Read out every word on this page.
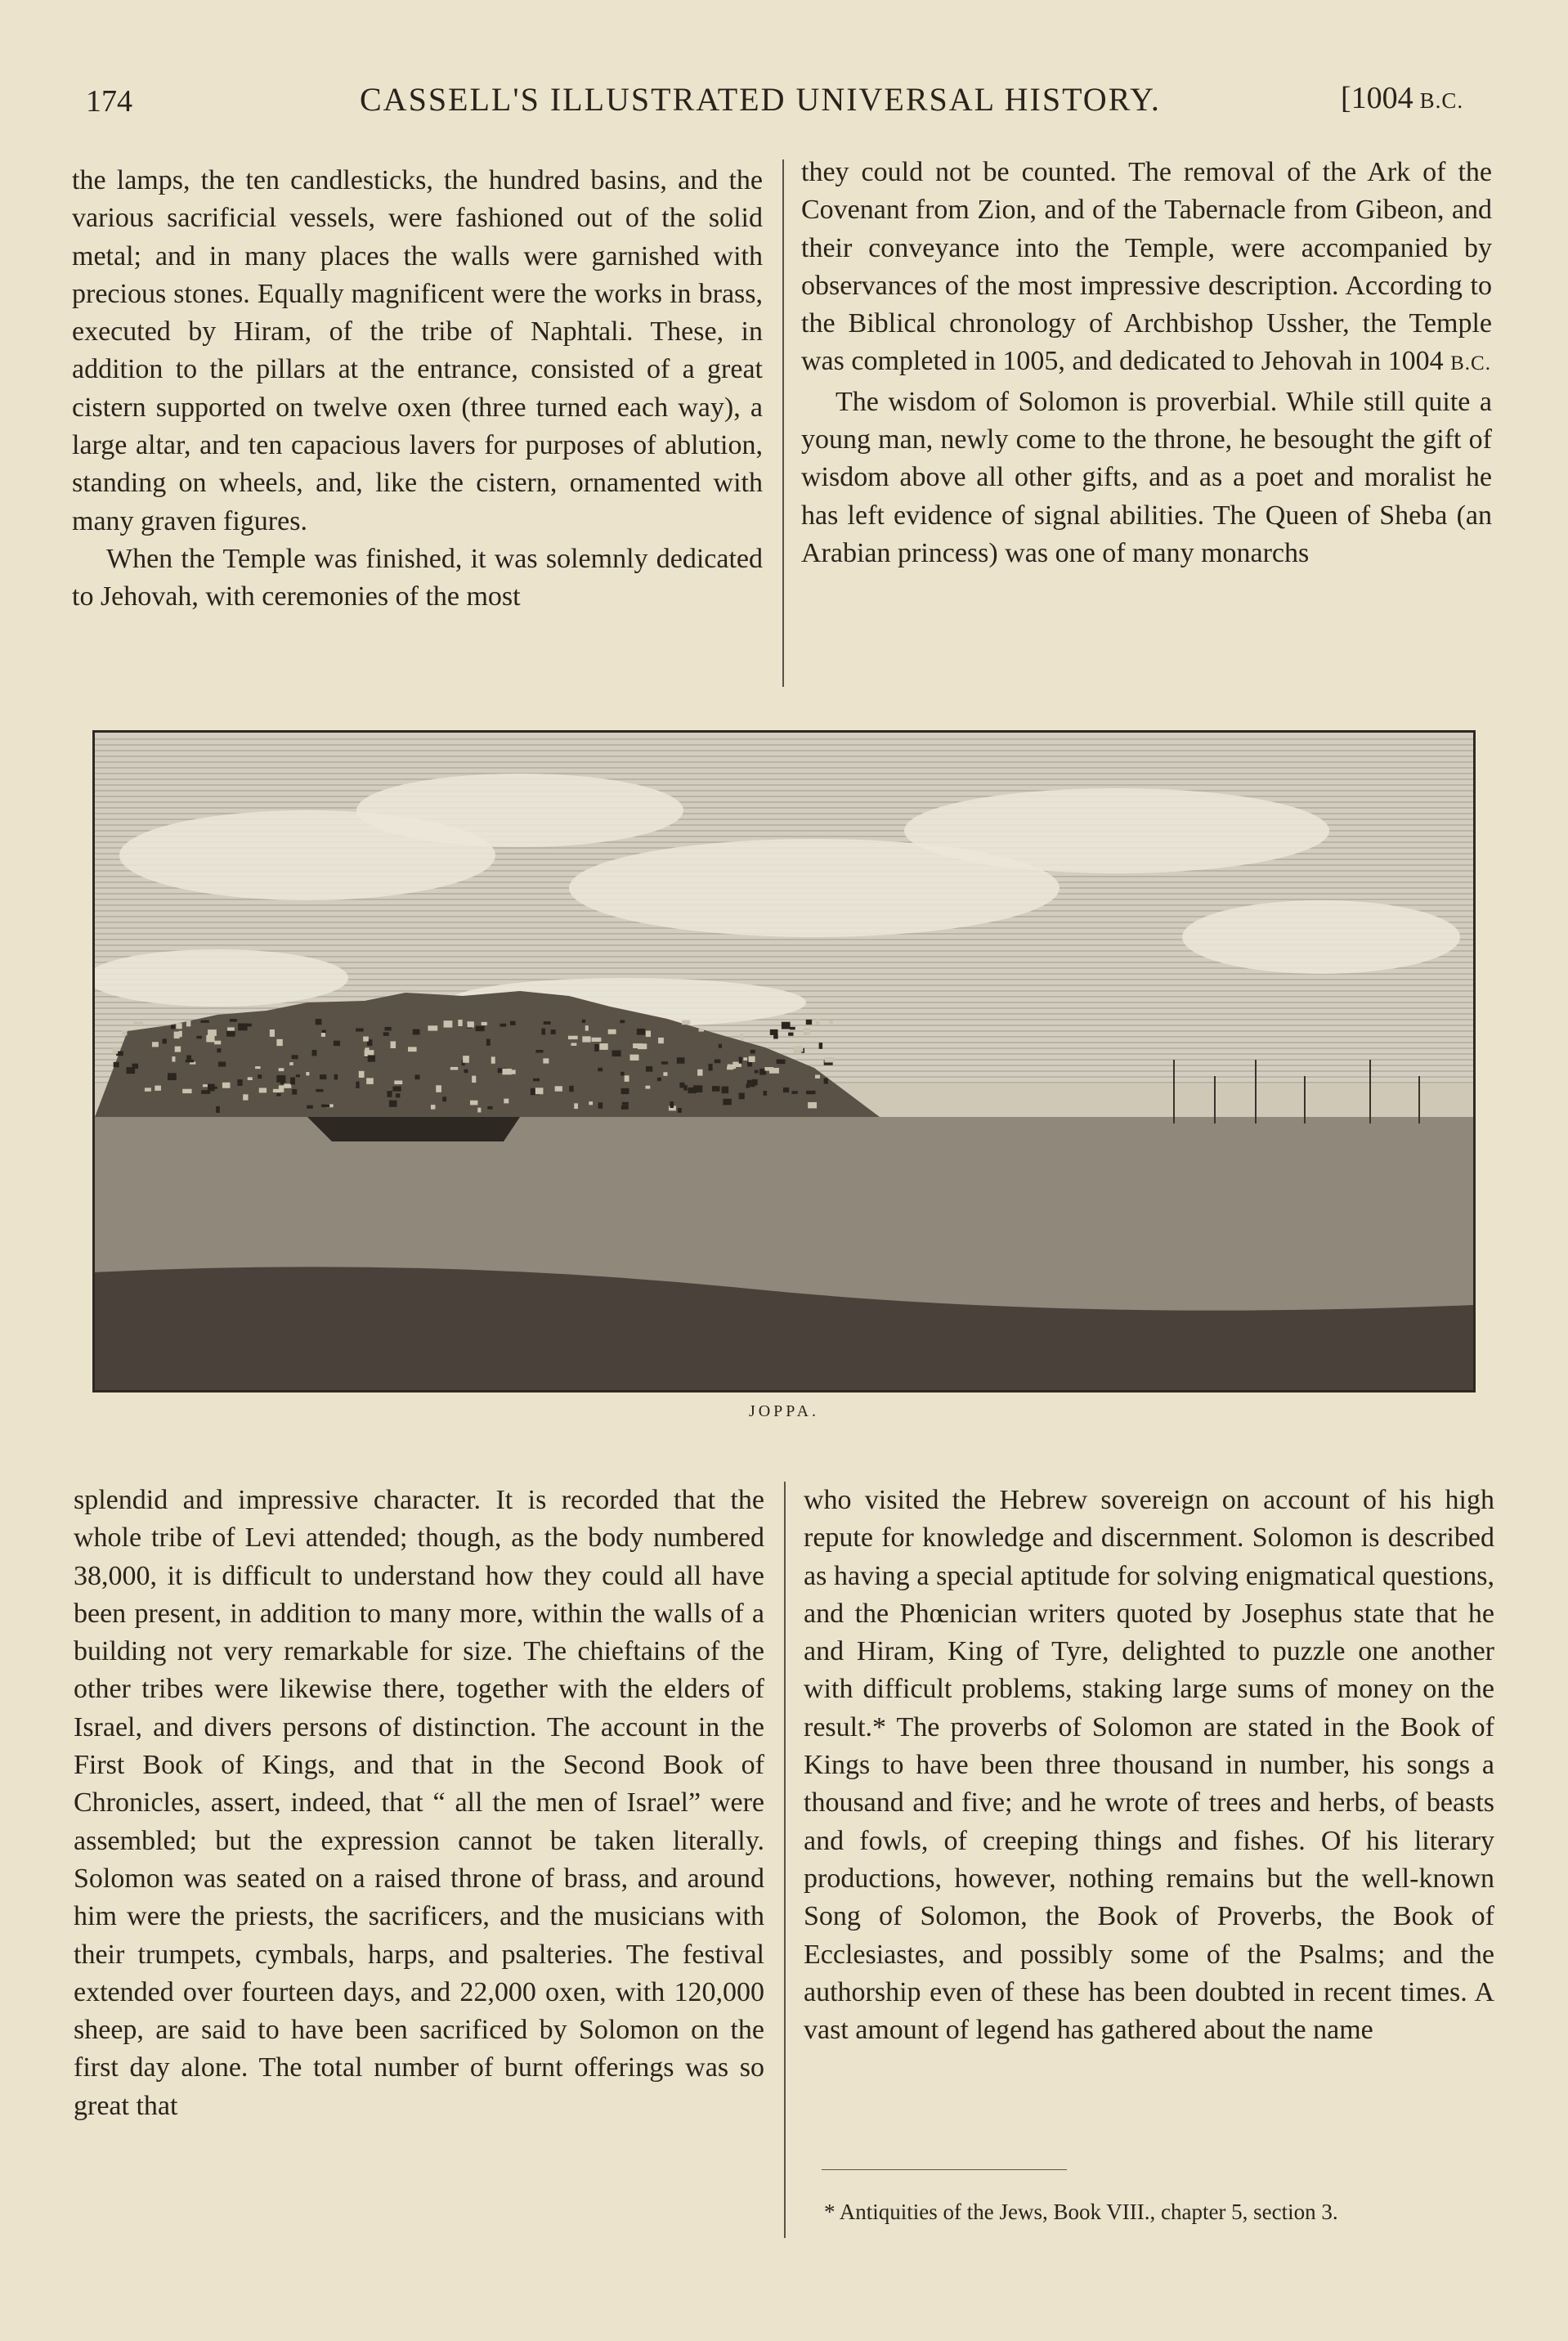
174	CASSELL'S ILLUSTRATED UNIVERSAL HISTORY.	[1004 B.C.

the lamps, the ten candlesticks, the hundred basins, and the various sacrificial vessels, were fashioned out of the solid metal; and in many places the walls were garnished with precious stones. Equally magnificent were the works in brass, executed by Hiram, of the tribe of Naphtali. These, in addition to the pillars at the entrance, consisted of a great cistern supported on twelve oxen (three turned each way), a large altar, and ten capacious lavers for purposes of ablution, standing on wheels, and, like the cistern, ornamented with many graven figures.

When the Temple was finished, it was solemnly dedicated to Jehovah, with ceremonies of the most

they could not be counted. The removal of the Ark of the Covenant from Zion, and of the Tabernacle from Gibeon, and their conveyance into the Temple, were accompanied by observances of the most impressive description. According to the Biblical chronology of Archbishop Ussher, the Temple was completed in 1005, and dedicated to Jehovah in 1004 B.C.

The wisdom of Solomon is proverbial. While still quite a young man, newly come to the throne, he besought the gift of wisdom above all other gifts, and as a poet and moralist he has left evidence of signal abilities. The Queen of Sheba (an Arabian princess) was one of many monarchs

JOPPA.

splendid and impressive character. It is recorded that the whole tribe of Levi attended; though, as the body numbered 38,000, it is difficult to understand how they could all have been present, in addition to many more, within the walls of a building not very remarkable for size. The chieftains of the other tribes were likewise there, together with the elders of Israel, and divers persons of distinction. The account in the First Book of Kings, and that in the Second Book of Chronicles, assert, indeed, that “ all the men of Israel” were assembled; but the expression cannot be taken literally. Solomon was seated on a raised throne of brass, and around him were the priests, the sacrificers, and the musicians with their trumpets, cymbals, harps, and psalteries. The festival extended over fourteen days, and 22,000 oxen, with 120,000 sheep, are said to have been sacrificed by Solomon on the first day alone. The total number of burnt offerings was so great that

who visited the Hebrew sovereign on account of his high repute for knowledge and discernment. Solomon is described as having a special aptitude for solving enigmatical questions, and the Phœnician writers quoted by Josephus state that he and Hiram, King of Tyre, delighted to puzzle one another with difficult problems, staking large sums of money on the result.* The proverbs of Solomon are stated in the Book of Kings to have been three thousand in number, his songs a thousand and five; and he wrote of trees and herbs, of beasts and fowls, of creeping things and fishes. Of his literary productions, however, nothing remains but the well-known Song of Solomon, the Book of Proverbs, the Book of Ecclesiastes, and possibly some of the Psalms; and the authorship even of these has been doubted in recent times. A vast amount of legend has gathered about the name

* Antiquities of the Jews, Book VIII., chapter 5, section 3.
